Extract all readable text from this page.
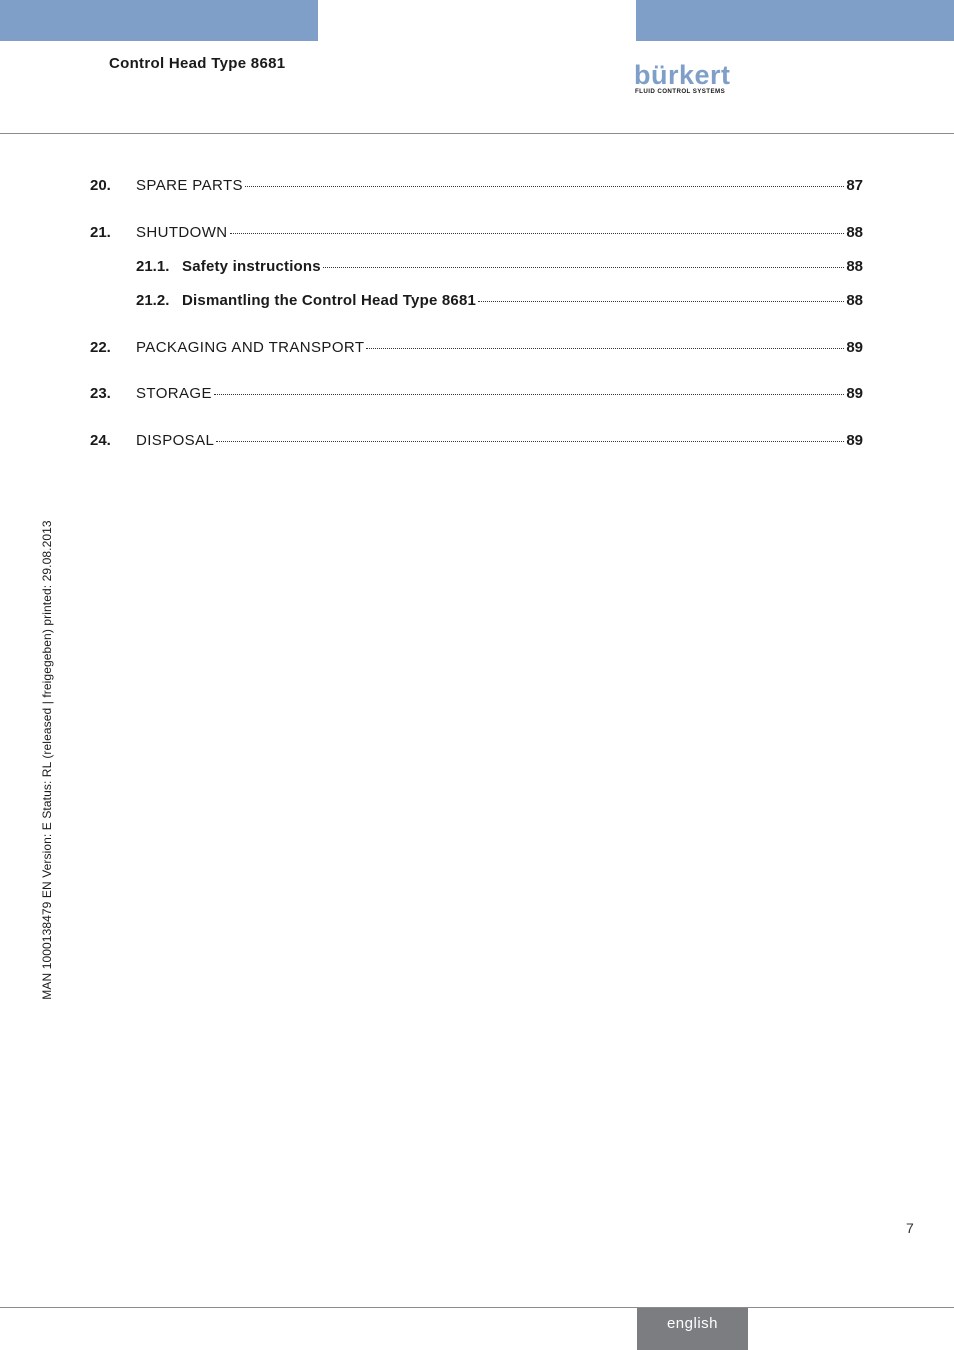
Control Head Type 8681	bürkert
FLUID CONTROL SYSTEMS
20.	SPARE PARTS	87
21.	SHUTDOWN	88
21.1. Safety instructions	88
21.2. Dismantling the Control Head Type 8681	88
22.	PACKAGING AND TRANSPORT	89
23.	STORAGE	89
24.	DISPOSAL	89
MAN 1000138479 EN Version: E Status: RL (released | freigegeben) printed: 29.08.2013
7
english
